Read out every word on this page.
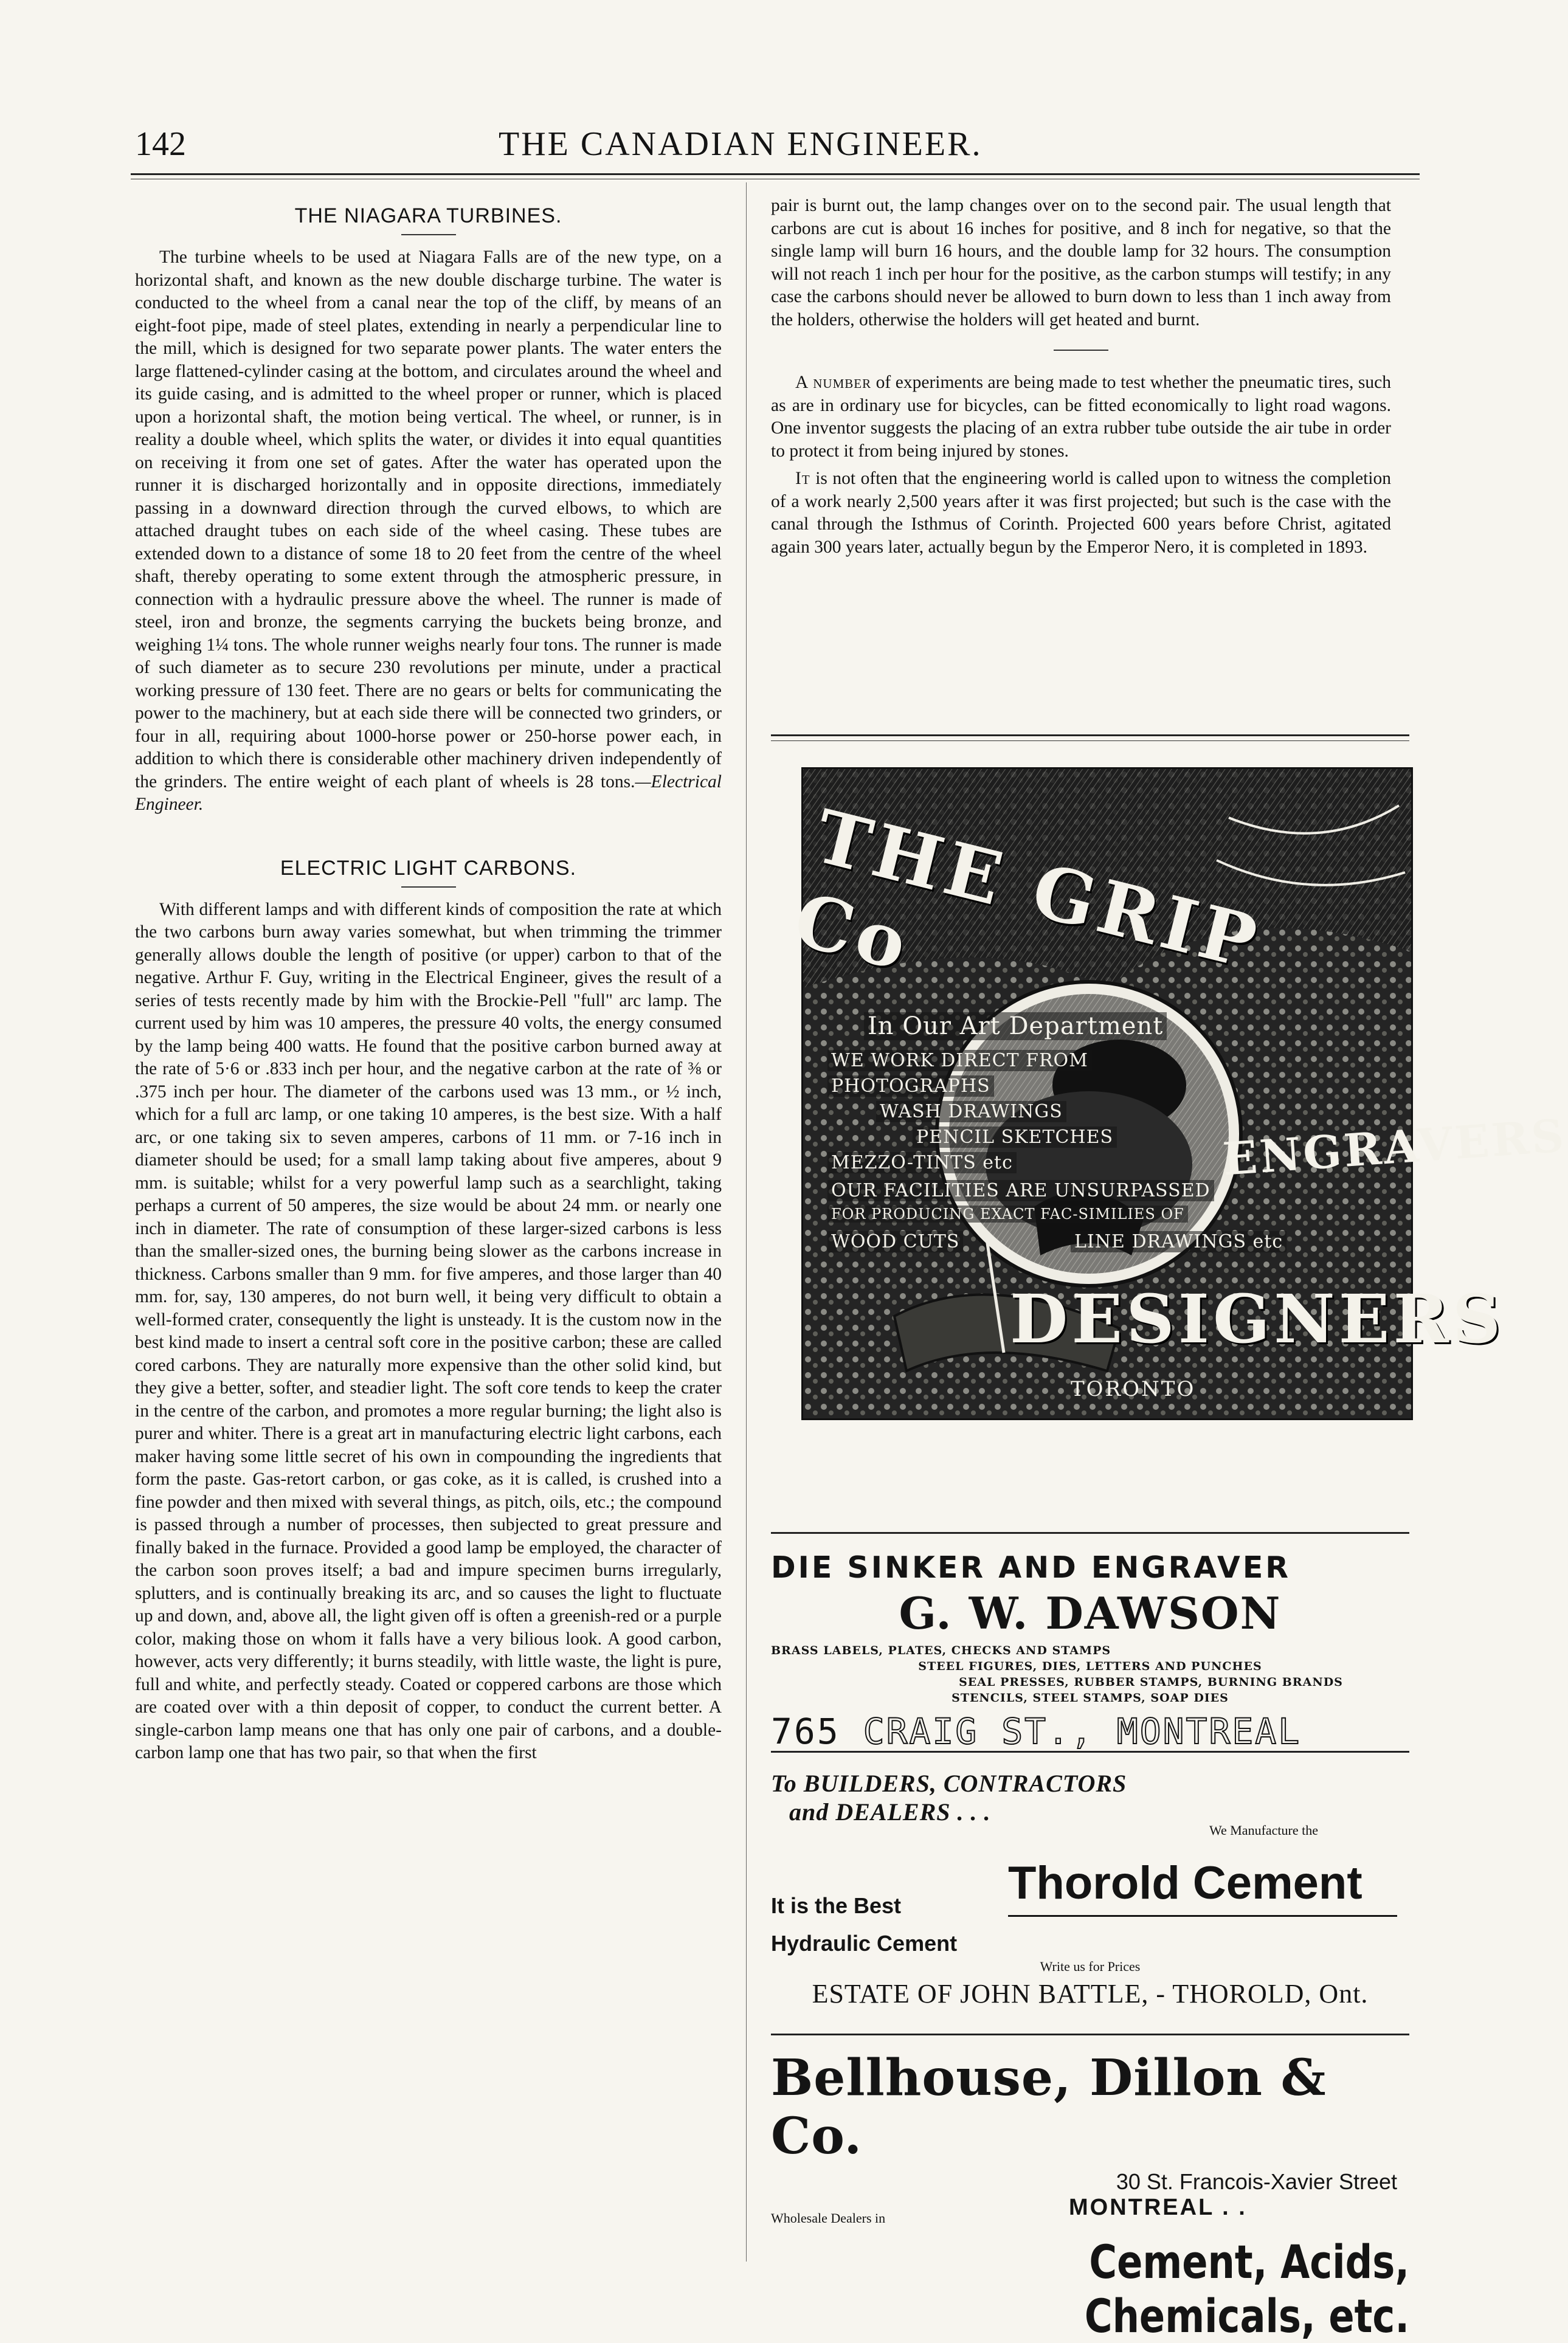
142	THE CANADIAN ENGINEER.
THE NIAGARA TURBINES.

The turbine wheels to be used at Niagara Falls are of the new type, on a horizontal shaft, and known as the new double discharge turbine. The water is conducted to the wheel from a canal near the top of the cliff, by means of an eight-foot pipe, made of steel plates, extending in nearly a perpendicular line to the mill, which is designed for two separate power plants. The water enters the large flattened-cylinder casing at the bottom, and circulates around the wheel and its guide casing, and is admitted to the wheel proper or runner, which is placed upon a horizontal shaft, the motion being vertical. The wheel, or runner, is in reality a double wheel, which splits the water, or divides it into equal quantities on receiving it from one set of gates. After the water has operated upon the runner it is discharged horizontally and in opposite directions, immediately passing in a downward direction through the curved elbows, to which are attached draught tubes on each side of the wheel casing. These tubes are extended down to a distance of some 18 to 20 feet from the centre of the wheel shaft, thereby operating to some extent through the atmospheric pressure, in connection with a hydraulic pressure above the wheel. The runner is made of steel, iron and bronze, the segments carrying the buckets being bronze, and weighing 1¼ tons. The whole runner weighs nearly four tons. The runner is made of such diameter as to secure 230 revolutions per minute, under a practical working pressure of 130 feet. There are no gears or belts for communicating the power to the machinery, but at each side there will be connected two grinders, or four in all, requiring about 1000-horse power or 250-horse power each, in addition to which there is considerable other machinery driven independently of the grinders. The entire weight of each plant of wheels is 28 tons.—Electrical Engineer.

ELECTRIC LIGHT CARBONS.

With different lamps and with different kinds of composition the rate at which the two carbons burn away varies somewhat, but when trimming the trimmer generally allows double the length of positive (or upper) carbon to that of the negative. Arthur F. Guy, writing in the Electrical Engineer, gives the result of a series of tests recently made by him with the Brockie-Pell "full" arc lamp. The current used by him was 10 amperes, the pressure 40 volts, the energy consumed by the lamp being 400 watts. He found that the positive carbon burned away at the rate of 5·6 or .833 inch per hour, and the negative carbon at the rate of ⅜ or .375 inch per hour. The diameter of the carbons used was 13 mm., or ½ inch, which for a full arc lamp, or one taking 10 amperes, is the best size. With a half arc, or one taking six to seven amperes, carbons of 11 mm. or 7-16 inch in diameter should be used; for a small lamp taking about five amperes, about 9 mm. is suitable; whilst for a very powerful lamp such as a searchlight, taking perhaps a current of 50 amperes, the size would be about 24 mm. or nearly one inch in diameter. The rate of consumption of these larger-sized carbons is less than the smaller-sized ones, the burning being slower as the carbons increase in thickness. Carbons smaller than 9 mm. for five amperes, and those larger than 40 mm. for, say, 130 amperes, do not burn well, it being very difficult to obtain a well-formed crater, consequently the light is unsteady. It is the custom now in the best kind made to insert a central soft core in the positive carbon; these are called cored carbons. They are naturally more expensive than the other solid kind, but they give a better, softer, and steadier light. The soft core tends to keep the crater in the centre of the carbon, and promotes a more regular burning; the light also is purer and whiter. There is a great art in manufacturing electric light carbons, each maker having some little secret of his own in compounding the ingredients that form the paste. Gas-retort carbon, or gas coke, as it is called, is crushed into a fine powder and then mixed with several things, as pitch, oils, etc.; the compound is passed through a number of processes, then subjected to great pressure and finally baked in the furnace. Provided a good lamp be employed, the character of the carbon soon proves itself; a bad and impure specimen burns irregularly, splutters, and is continually breaking its arc, and so causes the light to fluctuate up and down, and, above all, the light given off is often a greenish-red or a purple color, making those on whom it falls have a very bilious look. A good carbon, however, acts very differently; it burns steadily, with little waste, the light is pure, full and white, and perfectly steady. Coated or coppered carbons are those which are coated over with a thin deposit of copper, to conduct the current better. A single-carbon lamp means one that has only one pair of carbons, and a double-carbon lamp one that has two pair, so that when the first

pair is burnt out, the lamp changes over on to the second pair. The usual length that carbons are cut is about 16 inches for positive, and 8 inch for negative, so that the single lamp will burn 16 hours, and the double lamp for 32 hours. The consumption will not reach 1 inch per hour for the positive, as the carbon stumps will testify; in any case the carbons should never be allowed to burn down to less than 1 inch away from the holders, otherwise the holders will get heated and burnt.

A number of experiments are being made to test whether the pneumatic tires, such as are in ordinary use for bicycles, can be fitted economically to light road wagons. One inventor suggests the placing of an extra rubber tube outside the air tube in order to protect it from being injured by stones.

It is not often that the engineering world is called upon to witness the completion of a work nearly 2,500 years after it was first projected; but such is the case with the canal through the Isthmus of Corinth. Projected 600 years before Christ, agitated again 300 years later, actually begun by the Emperor Nero, it is completed in 1893.

THE GRIP Co
In Our Art Department
WE WORK DIRECT FROM
PHOTOGRAPHS
WASH DRAWINGS
PENCIL SKETCHES
MEZZO-TINTS etc
OUR FACILITIES ARE UNSURPASSED
FOR PRODUCING EXACT FAC-SIMILIES OF
WOOD CUTS	LINE DRAWINGS etc
ENGRAVERS
DESIGNERS
TORONTO
DIE SINKER AND ENGRAVER
G. W. DAWSON
BRASS LABELS, PLATES, CHECKS AND STAMPS
STEEL FIGURES, DIES, LETTERS AND PUNCHES
SEAL PRESSES, RUBBER STAMPS, BURNING BRANDS
STENCILS, STEEL STAMPS, SOAP DIES
765 CRAIG ST., MONTREAL
To BUILDERS, CONTRACTORS
and DEALERS . . .
We Manufacture the
It is the Best Thorold Cement
Hydraulic Cement
Write us for Prices
ESTATE OF JOHN BATTLE, - THOROLD, Ont.
Bellhouse, Dillon & Co.
30 St. Francois-Xavier Street
Wholesale Dealers in	MONTREAL . .
Cement, Acids, Chemicals, etc.
